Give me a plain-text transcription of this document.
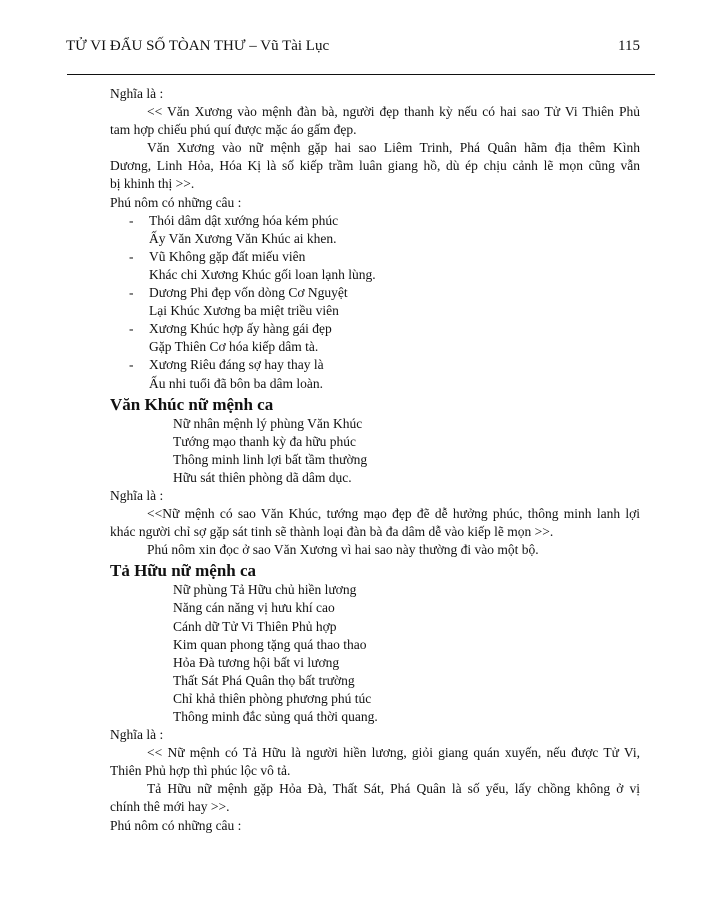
TỬ VI ĐẨU SỐ TÒAN THƯ – Vũ Tài Lục	115

Nghĩa là :

<< Văn Xương vào mệnh đàn bà, người đẹp thanh kỳ nếu có hai sao Tử Vi Thiên Phủ

tam hợp chiếu phú quí được mặc áo gấm đẹp.

Văn Xương vào nữ mệnh gặp hai sao Liêm Trinh, Phá Quân hãm địa thêm Kình

Dương, Linh Hỏa, Hóa Kị là số kiếp trầm luân giang hồ, dù ép chịu cảnh lẽ mọn cũng vẫn

bị khinh thị >>.

Phú nôm có những câu :

-	Thói dâm dật xướng hóa kém phúc
Ấy Văn Xương Văn Khúc ai khen.
-	Vũ Không gặp đất miếu viên
Khác chi Xương Khúc gối loan lạnh lùng.
-	Dương Phi đẹp vốn dòng Cơ Nguyệt
Lại Khúc Xương ba miệt triều viên
-	Xương Khúc hợp ấy hàng gái đẹp
Gặp Thiên Cơ hóa kiếp dâm tà.
-	Xương Riêu đáng sợ hay thay là
Ấu nhi tuổi đã bôn ba dâm loàn.
Văn Khúc nữ mệnh ca
Nữ nhân mệnh lý phùng Văn Khúc
Tướng mạo thanh kỳ đa hữu phúc
Thông minh linh lợi bất tầm thường
Hữu sát thiên phòng dã dâm dục.

Nghĩa là :

<<Nữ mệnh có sao Văn Khúc, tướng mạo đẹp đẽ dễ hưởng phúc, thông minh lanh lợi

khác người chỉ sợ gặp sát tinh sẽ thành loại đàn bà đa dâm dễ vào kiếp lẽ mọn >>.

Phú nôm xin đọc ở sao Văn Xương vì hai sao này thường đi vào một bộ.

Tả Hữu nữ mệnh ca
Nữ phùng Tả Hữu chủ hiền lương
Năng cán năng vị hưu khí cao
Cánh dữ Tử Vi Thiên Phủ hợp
Kim quan phong tặng quá thao thao
Hỏa Đà tương hội bất vi lương
Thất Sát Phá Quân thọ bất trường
Chỉ khả thiên phòng phương phú túc
Thông minh đắc sủng quá thời quang.

Nghĩa là :

<< Nữ mệnh có Tả Hữu là người hiền lương, giỏi giang quán xuyến, nếu được Tử Vi,

Thiên Phủ hợp thì phúc lộc vô tả.

Tả Hữu nữ mệnh gặp Hỏa Đà, Thất Sát, Phá Quân là số yểu, lấy chồng không ở vị

chính thê mới hay >>.

Phú nôm có những câu :
